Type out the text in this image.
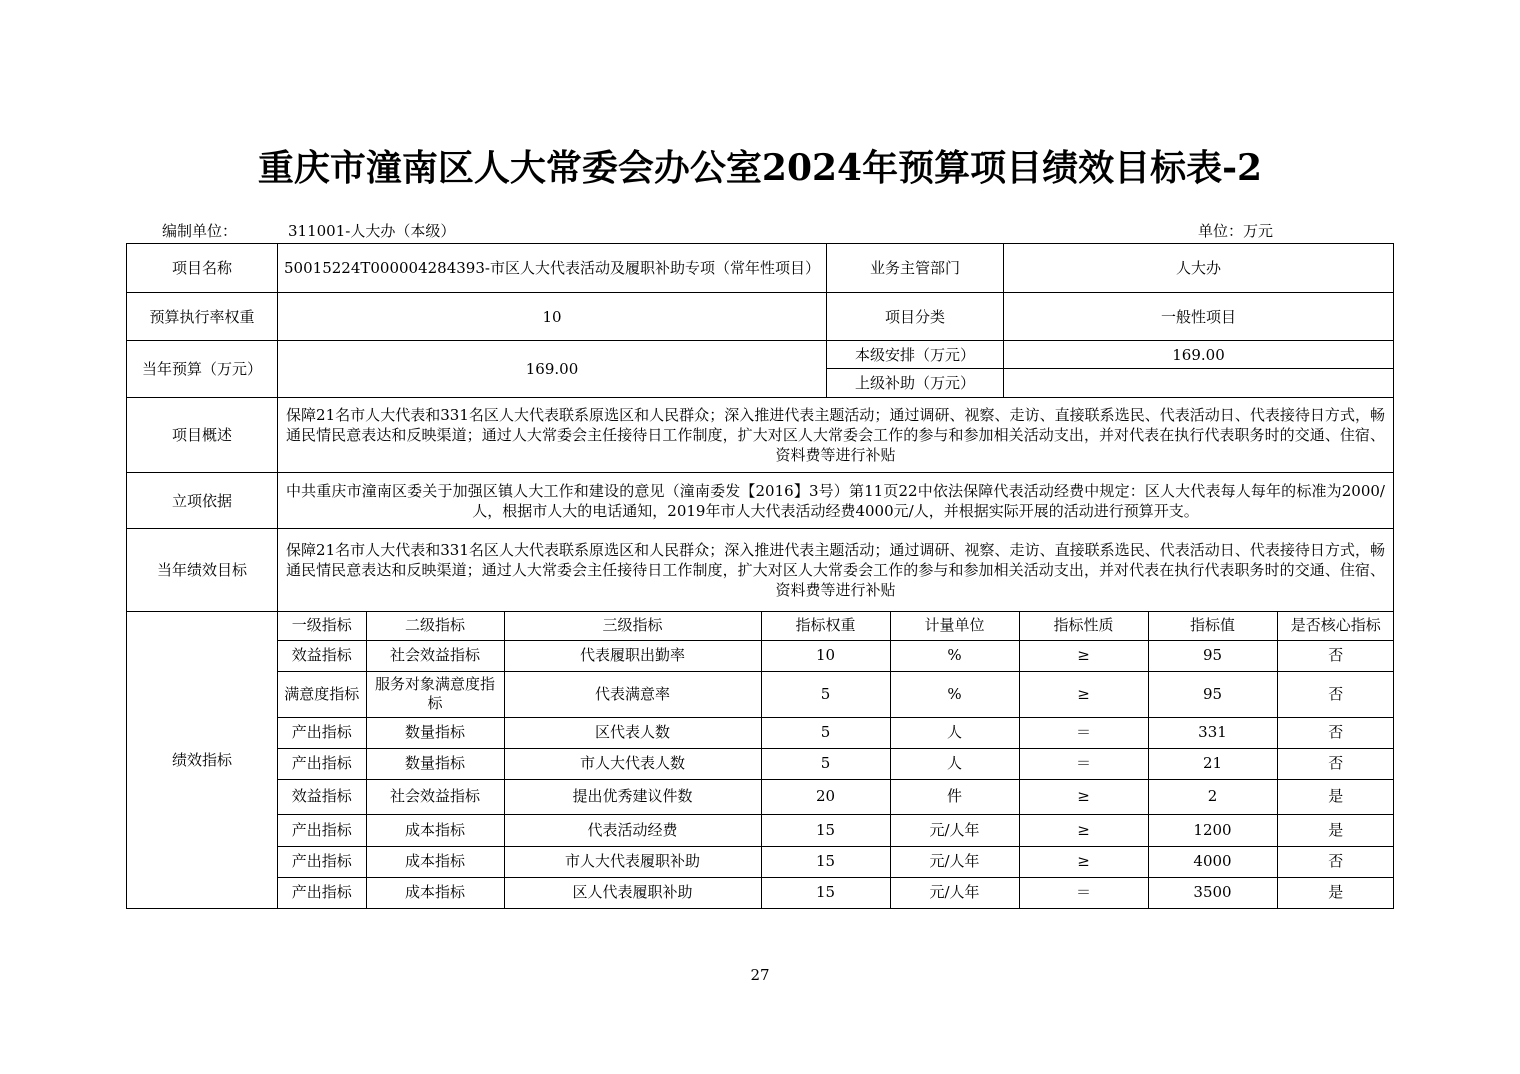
重庆市潼南区人大常委会办公室2024年预算项目绩效目标表-2
编制单位：	311001-人大办（本级）	单位：万元
项目名称	50015224T000004284393-市区人大代表活动及履职补助专项（常年性项目）	业务主管部门	人大办
预算执行率权重	10	项目分类	一般性项目
当年预算（万元）	169.00	本级安排（万元）	169.00
上级补助（万元）	
项目概述	保障21名市人大代表和331名区人大代表联系原选区和人民群众；深入推进代表主题活动；通过调研、视察、走访、直接联系选民、代表活动日、代表接待日方式，畅通民情民意表达和反映渠道；通过人大常委会主任接待日工作制度，扩大对区人大常委会工作的参与和参加相关活动支出，并对代表在执行代表职务时的交通、住宿、资料费等进行补贴
立项依据	中共重庆市潼南区委关于加强区镇人大工作和建设的意见（潼南委发【2016】3号）第11页22中依法保障代表活动经费中规定：区人大代表每人每年的标准为2000/人，根据市人大的电话通知，2019年市人大代表活动经费4000元/人，并根据实际开展的活动进行预算开支。
当年绩效目标	保障21名市人大代表和331名区人大代表联系原选区和人民群众；深入推进代表主题活动；通过调研、视察、走访、直接联系选民、代表活动日、代表接待日方式，畅通民情民意表达和反映渠道；通过人大常委会主任接待日工作制度，扩大对区人大常委会工作的参与和参加相关活动支出，并对代表在执行代表职务时的交通、住宿、资料费等进行补贴
绩效指标	
一级指标	二级指标	三级指标	指标权重	计量单位	指标性质	指标值	是否核心指标
效益指标	社会效益指标	代表履职出勤率	10	%	≥	95	否
满意度指标	服务对象满意度指标	代表满意率	5	%	≥	95	否
产出指标	数量指标	区代表人数	5	人	＝	331	否
产出指标	数量指标	市人大代表人数	5	人	＝	21	否
效益指标	社会效益指标	提出优秀建议件数	20	件	≥	2	是
产出指标	成本指标	代表活动经费	15	元/人年	≥	1200	是
产出指标	成本指标	市人大代表履职补助	15	元/人年	≥	4000	否
产出指标	成本指标	区人代表履职补助	15	元/人年	＝	3500	是
27
